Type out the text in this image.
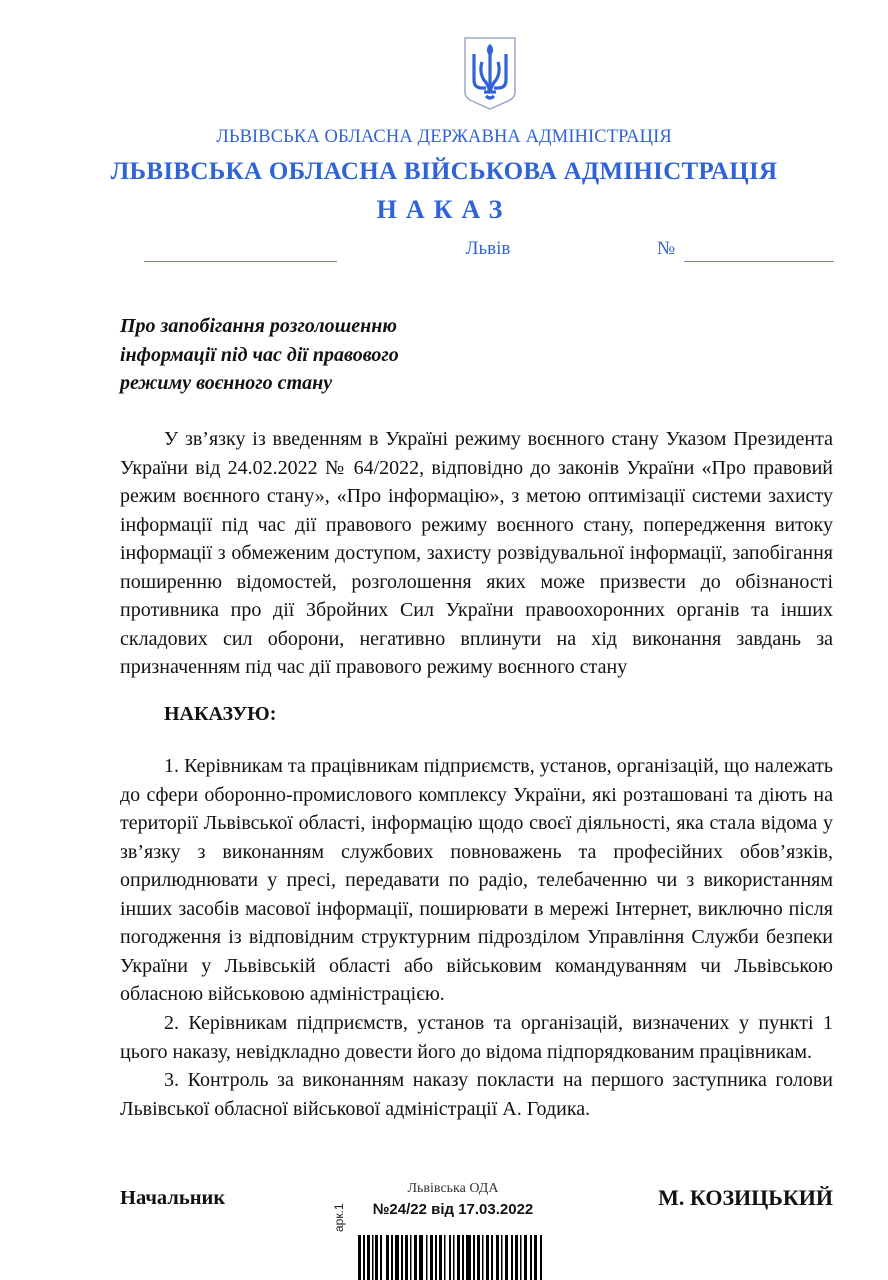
ЛЬВІВСЬКА ОБЛАСНА ДЕРЖАВНА АДМІНІСТРАЦІЯ
ЛЬВІВСЬКА ОБЛАСНА ВІЙСЬКОВА АДМІНІСТРАЦІЯ
НАКАЗ
Львів	№
Про запобігання розголошенню
інформації під час дії правового
режиму воєнного стану
У зв’язку із введенням в Україні режиму воєнного стану Указом Президента України від 24.02.2022 № 64/2022, відповідно до законів України «Про правовий режим воєнного стану», «Про інформацію», з метою оптимізації системи захисту інформації під час дії правового режиму воєнного стану, попередження витоку інформації з обмеженим доступом, захисту розвідувальної інформації, запобігання поширенню відомостей, розголошення яких може призвести до обізнаності противника про дії Збройних Сил України правоохоронних органів та інших складових сил оборони, негативно вплинути на хід виконання завдань за призначенням під час дії правового режиму воєнного стану
НАКАЗУЮ:
1. Керівникам та працівникам підприємств, установ, організацій, що належать до сфери оборонно-промислового комплексу України, які розташовані та діють на території Львівської області, інформацію щодо своєї діяльності, яка стала відома у зв’язку з виконанням службових повноважень та професійних обов’язків, оприлюднювати у пресі, передавати по радіо, телебаченню чи з використанням інших засобів масової інформації, поширювати в мережі Інтернет, виключно після погодження із відповідним структурним підрозділом Управління Служби безпеки України у Львівській області або військовим командуванням чи Львівською обласною військовою адміністрацією.
2. Керівникам підприємств, установ та організацій, визначених у пункті 1 цього наказу, невідкладно довести його до відома підпорядкованим працівникам.
3. Контроль за виконанням наказу покласти на першого заступника голови Львівської обласної військової адміністрації А. Годика.
Начальник	М. КОЗИЦЬКИЙ
Львівська ОДА
№24/22 від 17.03.2022
арк.1
